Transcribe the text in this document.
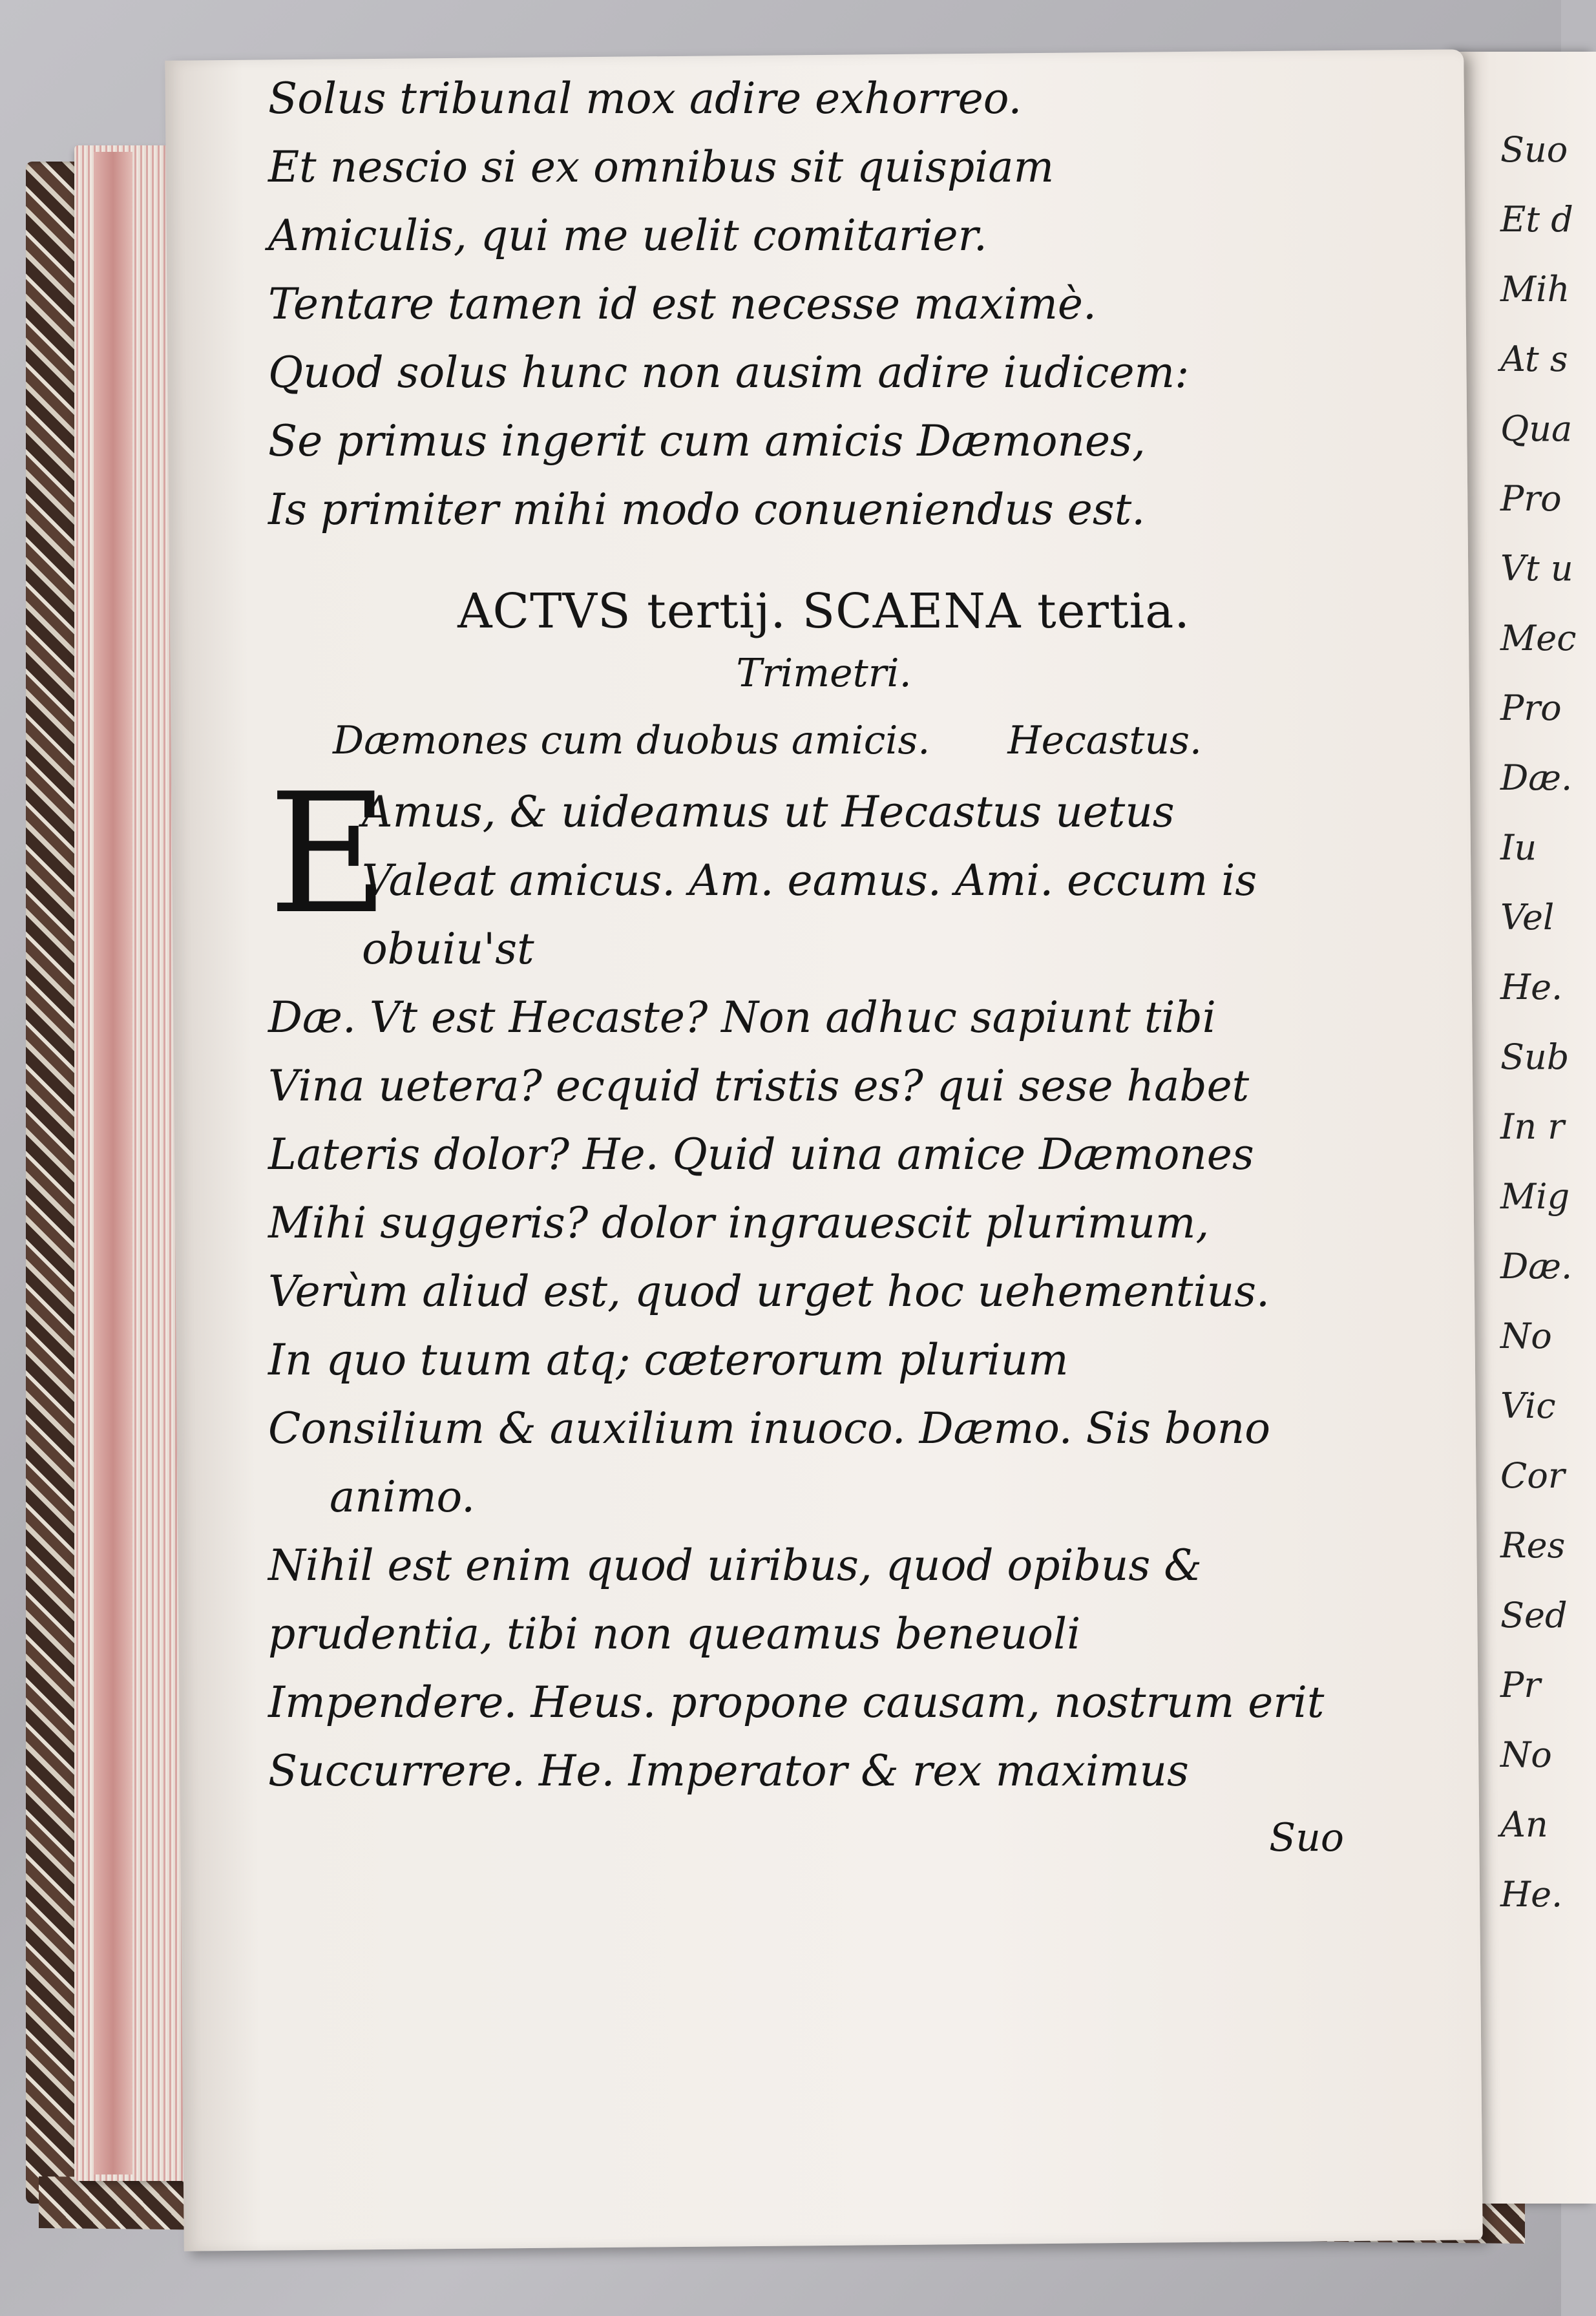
Suo

Et d

Mih

At s

Qua

Pro

Vt u

Mec

Pro

Dæ.

Iu

Vel

He.

Sub

In r

Mig

Dæ.

No

Vic

Cor

Res

Sed

Pr

No

An

He.

Solus tribunal mox adire exhorreo.

Et nescio si ex omnibus sit quispiam

Amiculis, qui me uelit comitarier.

Tentare tamen id est necesse maximè.

Quod solus hunc non ausim adire iudicem:

Se primus ingerit cum amicis Dæmones,

Is primiter mihi modo conueniendus est.

ACTVS tertij. SCAENA tertia.

Trimetri.

Dæmones cum duobus amicis. Hecastus.

E

Amus, & uideamus ut Hecastus uetus

Valeat amicus. Am. eamus. Ami. eccum is

obuiu'st

Dæ. Vt est Hecaste? Non adhuc sapiunt tibi

Vina uetera? ecquid tristis es? qui sese habet

Lateris dolor? He. Quid uina amice Dæmones

Mihi suggeris? dolor ingrauescit plurimum,

Verùm aliud est, quod urget hoc uehementius.

In quo tuum atq; cæterorum plurium

Consilium & auxilium inuoco. Dæmo. Sis bono

animo.

Nihil est enim quod uiribus, quod opibus &

prudentia, tibi non queamus beneuoli

Impendere. Heus. propone causam, nostrum erit

Succurrere. He. Imperator & rex maximus

Suo
